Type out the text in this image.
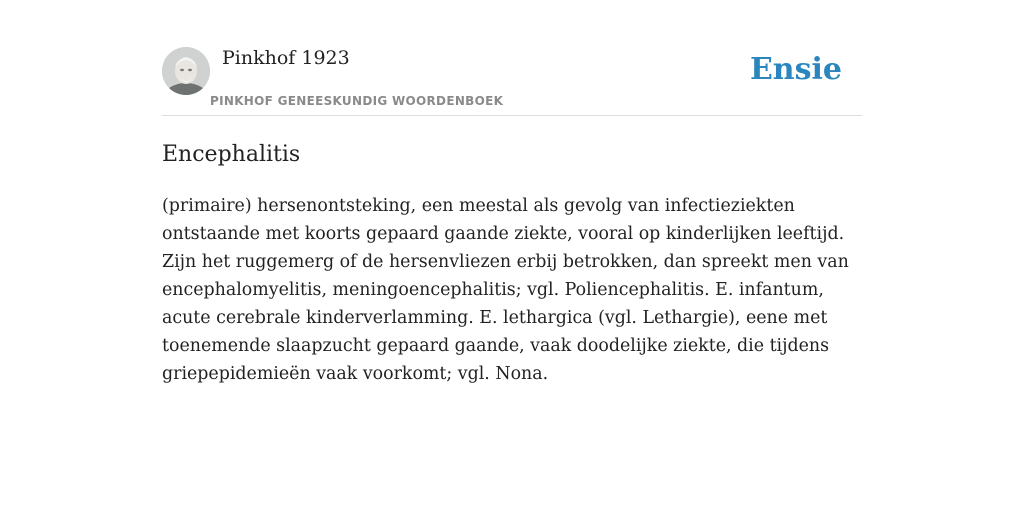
Pinkhof 1923
PINKHOF GENEESKUNDIG WOORDENBOEK
Ensie
Encephalitis

(primaire) hersenontsteking, een meestal als gevolg van infectieziekten ontstaande met koorts gepaard gaande ziekte, vooral op kinderlijken leeftijd. Zijn het ruggemerg of de hersenvliezen erbij betrokken, dan spreekt men van encephalomyelitis, meningoencephalitis; vgl. Poliencephalitis. E. infantum, acute cerebrale kinderverlamming. E. lethargica (vgl. Lethargie), eene met toenemende slaapzucht gepaard gaande, vaak doodelijke ziekte, die tijdens griepepidemieën vaak voorkomt; vgl. Nona.
